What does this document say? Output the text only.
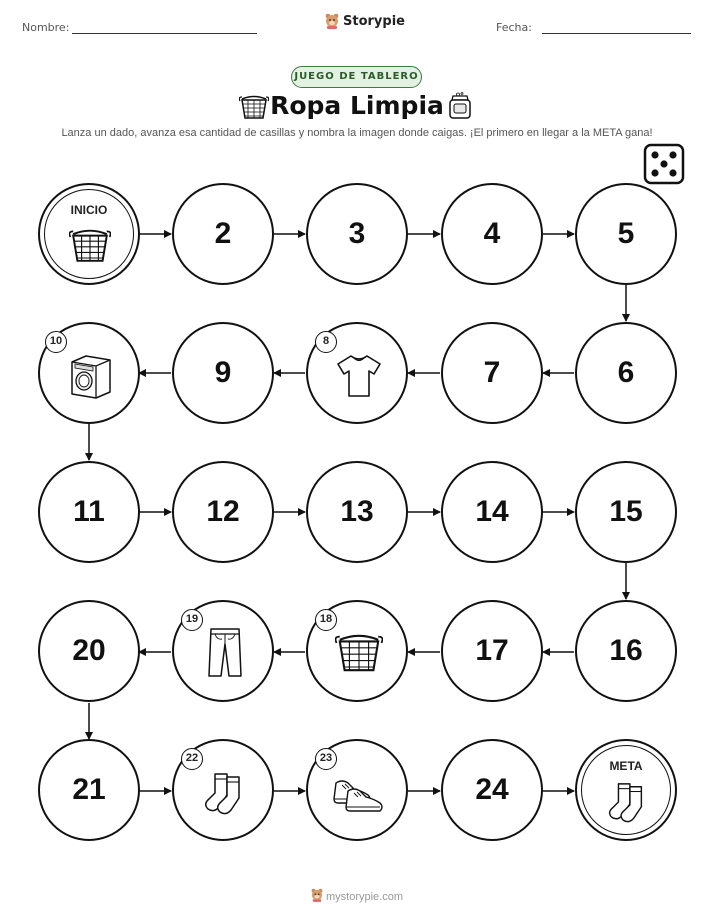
Nombre:	Storypie	Fecha:
JUEGO DE TABLERO
Ropa Limpia
Lanza un dado, avanza esa cantidad de casillas y nombra la imagen donde caigas. ¡El primero en llegar a la META gana!
INICIO
2	3	4	5
6
7
8
9
10
11	12	13	14	15
16
17
18
19
20
21
22	23
24
META
mystorypie.com
